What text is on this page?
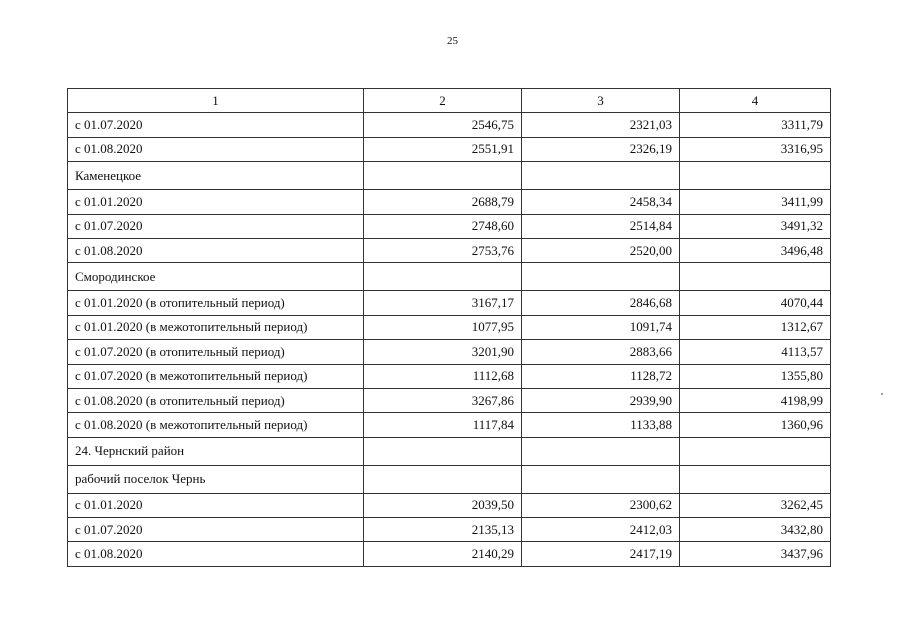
25
1	2	3	4
с 01.07.2020	2546,75	2321,03	3311,79
с 01.08.2020	2551,91	2326,19	3316,95
Каменецкое			
с 01.01.2020	2688,79	2458,34	3411,99
с 01.07.2020	2748,60	2514,84	3491,32
с 01.08.2020	2753,76	2520,00	3496,48
Смородинское			
с 01.01.2020 (в отопительный период)	3167,17	2846,68	4070,44
с 01.01.2020 (в межотопительный период)	1077,95	1091,74	1312,67
с 01.07.2020 (в отопительный период)	3201,90	2883,66	4113,57
с 01.07.2020 (в межотопительный период)	1112,68	1128,72	1355,80
с 01.08.2020 (в отопительный период)	3267,86	2939,90	4198,99
с 01.08.2020 (в межотопительный период)	1117,84	1133,88	1360,96
24. Чернский район			
рабочий поселок Чернь			
с 01.01.2020	2039,50	2300,62	3262,45
с 01.07.2020	2135,13	2412,03	3432,80
с 01.08.2020	2140,29	2417,19	3437,96
